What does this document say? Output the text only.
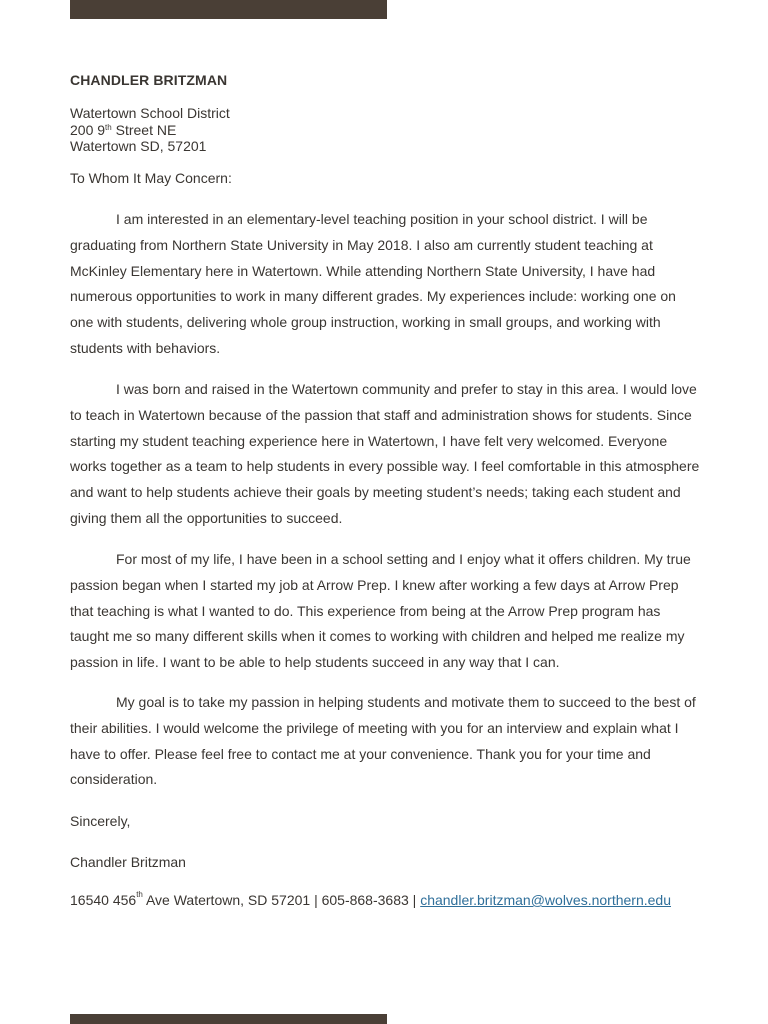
CHANDLER BRITZMAN
Watertown School District
200 9th Street NE
Watertown SD, 57201
To Whom It May Concern:

I am interested in an elementary-level teaching position in your school district. I will be graduating from Northern State University in May 2018. I also am currently student teaching at McKinley Elementary here in Watertown. While attending Northern State University, I have had numerous opportunities to work in many different grades. My experiences include: working one on one with students, delivering whole group instruction, working in small groups, and working with students with behaviors.

I was born and raised in the Watertown community and prefer to stay in this area. I would love to teach in Watertown because of the passion that staff and administration shows for students. Since starting my student teaching experience here in Watertown, I have felt very welcomed. Everyone works together as a team to help students in every possible way. I feel comfortable in this atmosphere and want to help students achieve their goals by meeting student’s needs; taking each student and giving them all the opportunities to succeed.

For most of my life, I have been in a school setting and I enjoy what it offers children. My true passion began when I started my job at Arrow Prep. I knew after working a few days at Arrow Prep that teaching is what I wanted to do. This experience from being at the Arrow Prep program has taught me so many different skills when it comes to working with children and helped me realize my passion in life. I want to be able to help students succeed in any way that I can.

My goal is to take my passion in helping students and motivate them to succeed to the best of their abilities. I would welcome the privilege of meeting with you for an interview and explain what I have to offer. Please feel free to contact me at your convenience. Thank you for your time and consideration.

Sincerely,
Chandler Britzman
16540 456th Ave Watertown, SD 57201 | 605-868-3683 | chandler.britzman@wolves.northern.edu
